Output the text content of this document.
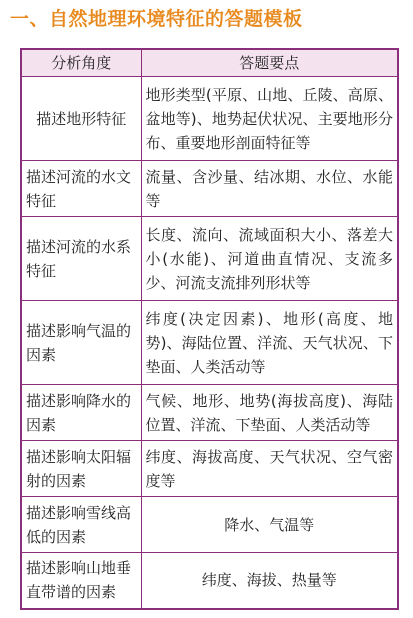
一、自然地理环境特征的答题模板
分析角度	答题要点
描述地形特征	地形类型(平原、山地、丘陵、高原、盆地等)、地势起伏状况、主要地形分布、重要地形剖面特征等
描述河流的水文特征	流量、含沙量、结冰期、水位、水能等
描述河流的水系特征	长度、流向、流域面积大小、落差大小(水能)、河道曲直情况、支流多少、河流支流排列形状等
描述影响气温的因素	纬度(决定因素)、地形(高度、地势)、海陆位置、洋流、天气状况、下垫面、人类活动等
描述影响降水的因素	气候、地形、地势(海拔高度)、海陆位置、洋流、下垫面、人类活动等
描述影响太阳辐射的因素	纬度、海拔高度、天气状况、空气密度等
描述影响雪线高低的因素	降水、气温等
描述影响山地垂直带谱的因素	纬度、海拔、热量等
